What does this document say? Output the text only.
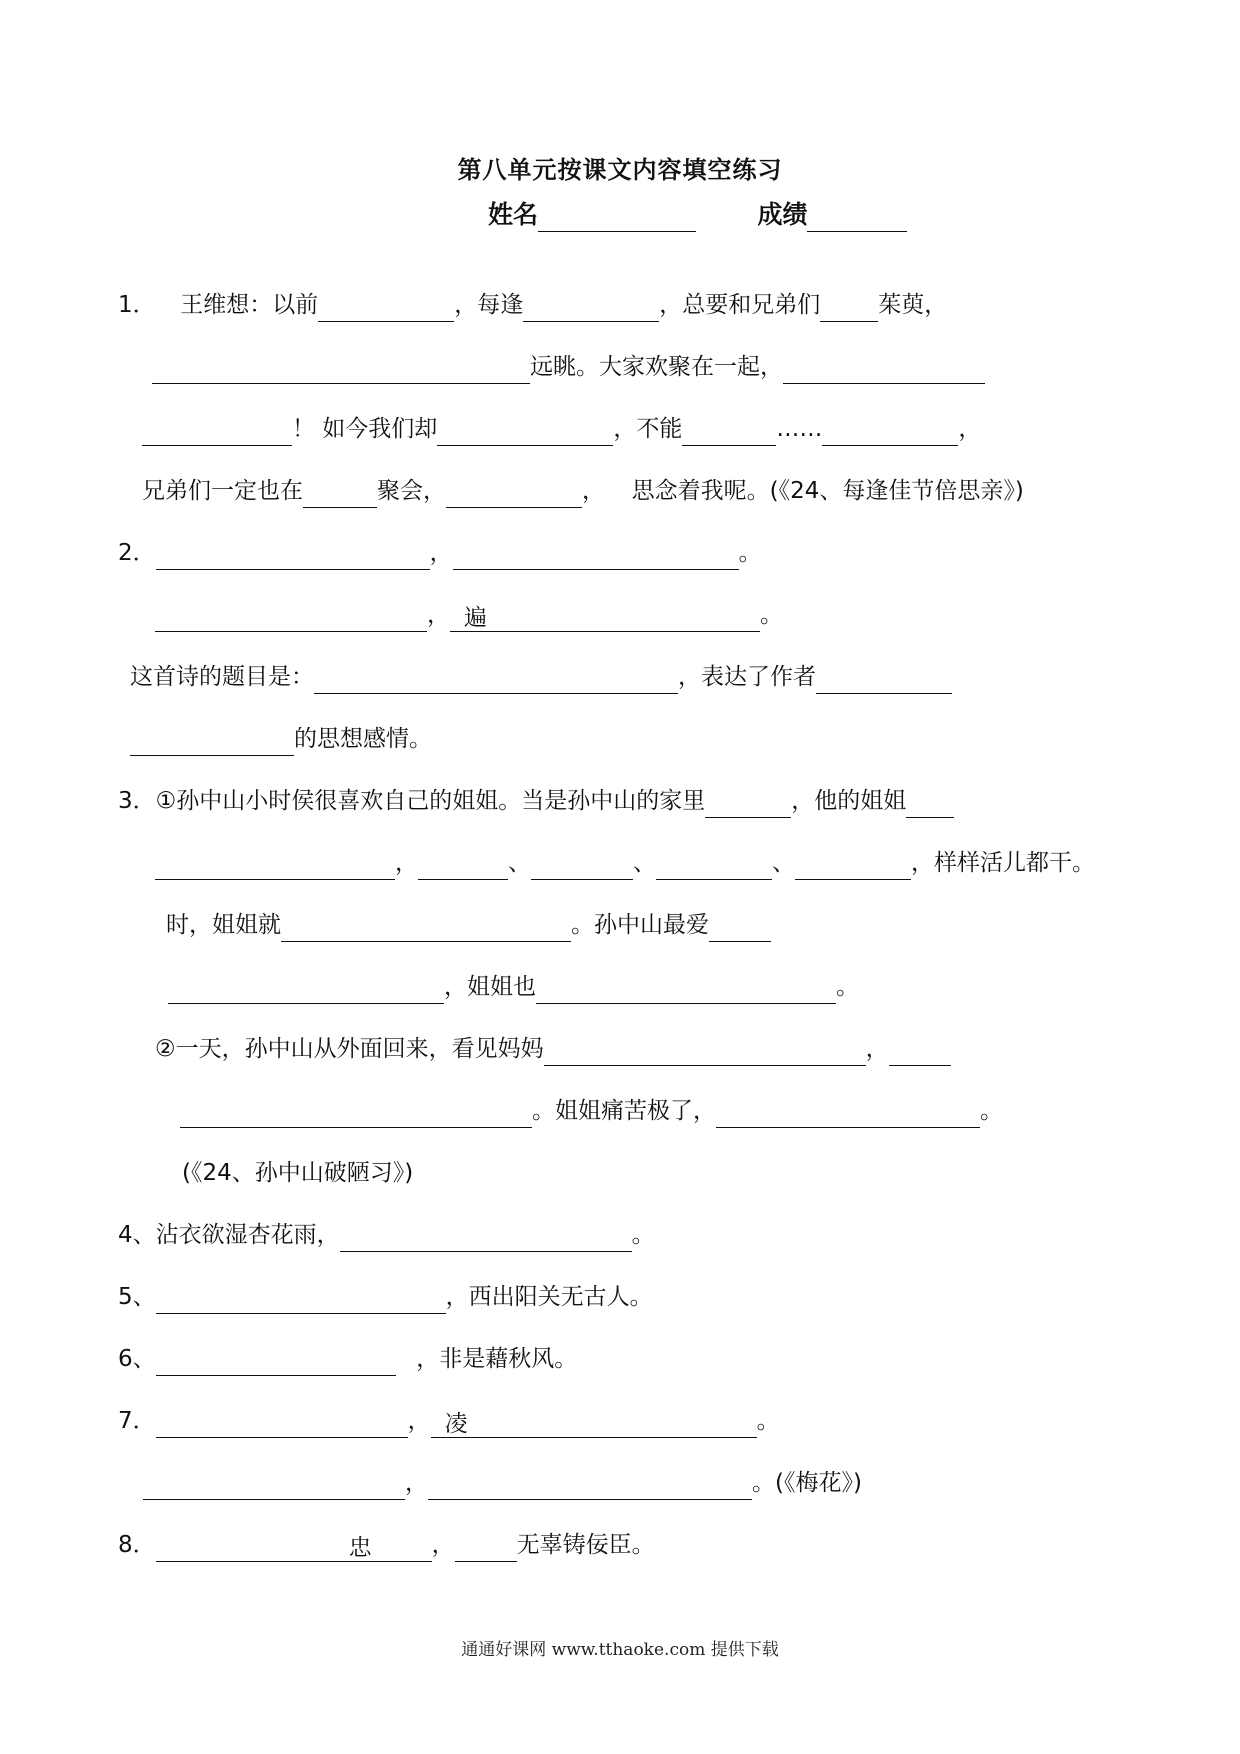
第八单元按课文内容填空练习
姓名	成绩
1． 王维想：以前	，每逢	，总要和兄弟们	茱萸，
远眺。大家欢聚在一起，
！ 如今我们却	，不能	……	，
兄弟们一定也在	聚会，	， 思念着我呢。(《24、每逢佳节倍思亲》)
2．	，	。
， 遍	。
这首诗的题目是：	，表达了作者
的思想感情。
3．①孙中山小时侯很喜欢自己的姐姐。当是孙中山的家里	，他的姐姐
，	、	、	、	，样样活儿都干。
时，姐姐就	。孙中山最爱
，姐姐也	。
②一天，孙中山从外面回来，看见妈妈	，
。姐姐痛苦极了，	。
(《24、孙中山破陋习》)
4、沾衣欲湿杏花雨，	。
5、	，西出阳关无古人。
6、	，非是藉秋风。
7．	， 凌	。
，	。(《梅花》)
8．	忠	，	无辜铸佞臣。
通通好课网 www.tthaoke.com 提供下载
